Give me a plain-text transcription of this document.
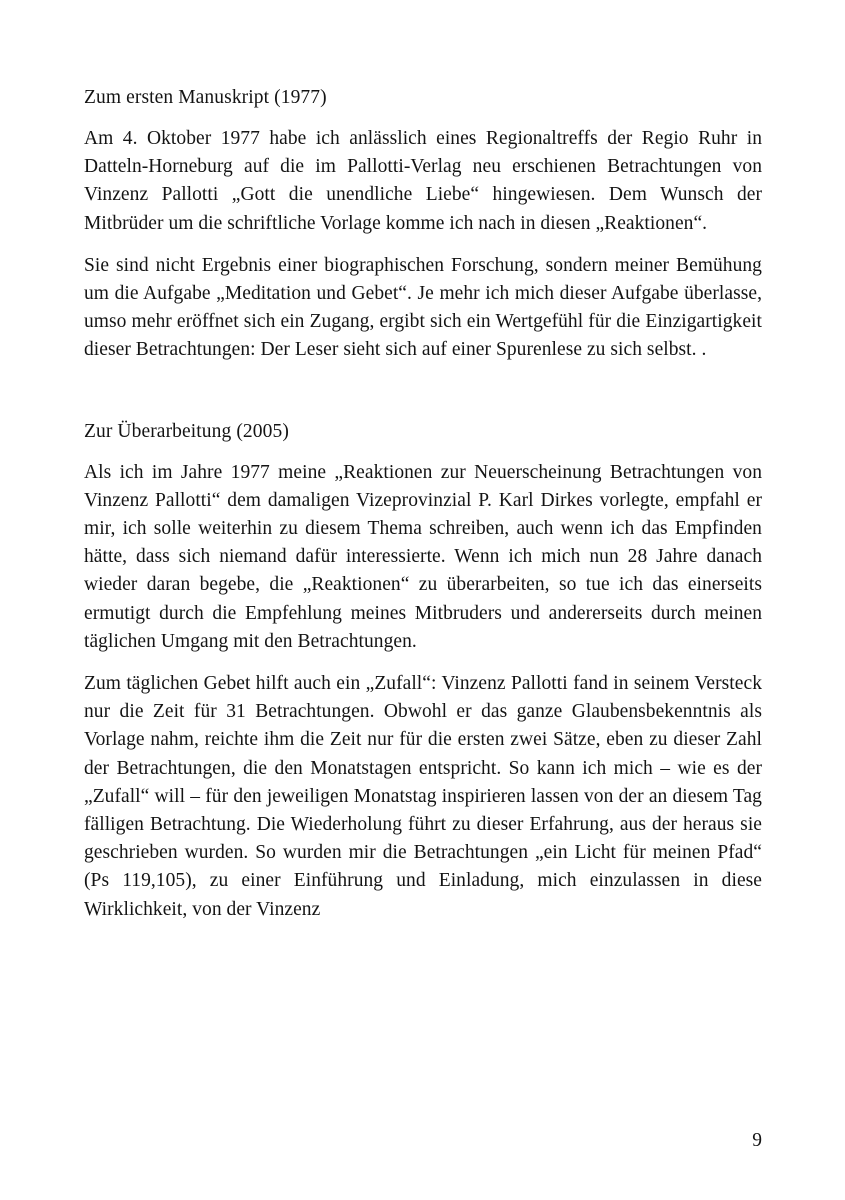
Zum ersten Manuskript (1977)

Am 4. Oktober 1977 habe ich anlässlich eines Regionaltreffs der Regio Ruhr in Datteln-Horneburg auf die im Pallotti-Verlag neu erschienen Betrachtungen von Vinzenz Pallotti „Gott die unendliche Liebe“ hingewiesen. Dem Wunsch der Mitbrüder um die schriftliche Vorlage komme ich nach in diesen „Reaktionen“.

Sie sind nicht Ergebnis einer biographischen Forschung, sondern meiner Bemühung um die Aufgabe „Meditation und Gebet“. Je mehr ich mich dieser Aufgabe überlasse, umso mehr eröffnet sich ein Zugang, ergibt sich ein Wertgefühl für die Einzigartigkeit dieser Betrachtungen: Der Leser sieht sich auf einer Spurenlese zu sich selbst. .

Zur Überarbeitung (2005)

Als ich im Jahre 1977 meine „Reaktionen zur Neuerscheinung Betrachtungen von Vinzenz Pallotti“ dem damaligen Vizeprovinzial P. Karl Dirkes vorlegte, empfahl er mir, ich solle weiterhin zu diesem Thema schreiben, auch wenn ich das Empfinden hätte, dass sich niemand dafür interessierte. Wenn ich mich nun 28 Jahre danach wieder daran begebe, die „Reaktionen“ zu überarbeiten, so tue ich das einerseits ermutigt durch die Empfehlung meines Mitbruders und andererseits durch meinen täglichen Umgang mit den Betrachtungen.

Zum täglichen Gebet hilft auch ein „Zufall“: Vinzenz Pallotti fand in seinem Versteck nur die Zeit für 31 Betrachtungen. Obwohl er das ganze Glaubensbekenntnis als Vorlage nahm, reichte ihm die Zeit nur für die ersten zwei Sätze, eben zu dieser Zahl der Betrachtungen, die den Monatstagen entspricht. So kann ich mich – wie es der „Zufall“ will – für den jeweiligen Monatstag inspirieren lassen von der an diesem Tag fälligen Betrachtung. Die Wiederholung führt zu dieser Erfahrung, aus der heraus sie geschrieben wurden. So wurden mir die Betrachtungen „ein Licht für meinen Pfad“ (Ps 119,105), zu einer Einführung und Einladung, mich einzulassen in diese Wirklichkeit, von der Vinzenz

9
